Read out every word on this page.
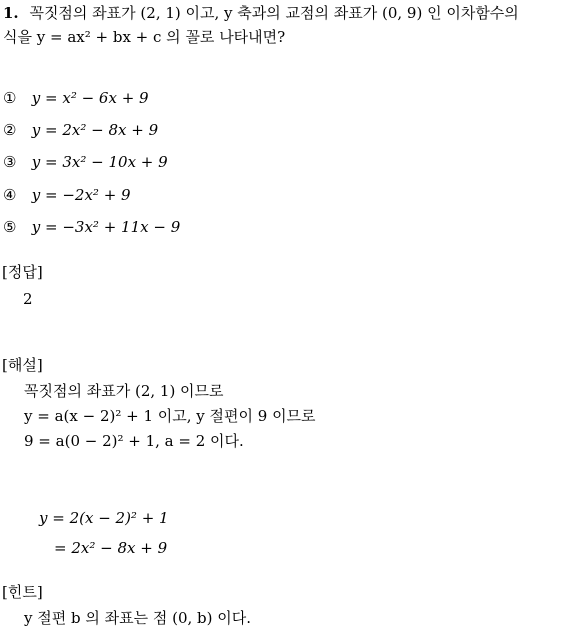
1. 꼭짓점의 좌표가 (2, 1) 이고, y 축과의 교점의 좌표가 (0, 9) 인 이차함수의
식을 y = ax² + bx + c 의 꼴로 나타내면?
① y = x² − 6x + 9
② y = 2x² − 8x + 9
③ y = 3x² − 10x + 9
④ y = −2x² + 9
⑤ y = −3x² + 11x − 9
[정답]
2
[해설]
꼭짓점의 좌표가 (2, 1) 이므로
y = a(x − 2)² + 1 이고, y 절편이 9 이므로
9 = a(0 − 2)² + 1, a = 2 이다.
y = 2(x − 2)² + 1
= 2x² − 8x + 9
[힌트]
y 절편 b 의 좌표는 점 (0, b) 이다.
